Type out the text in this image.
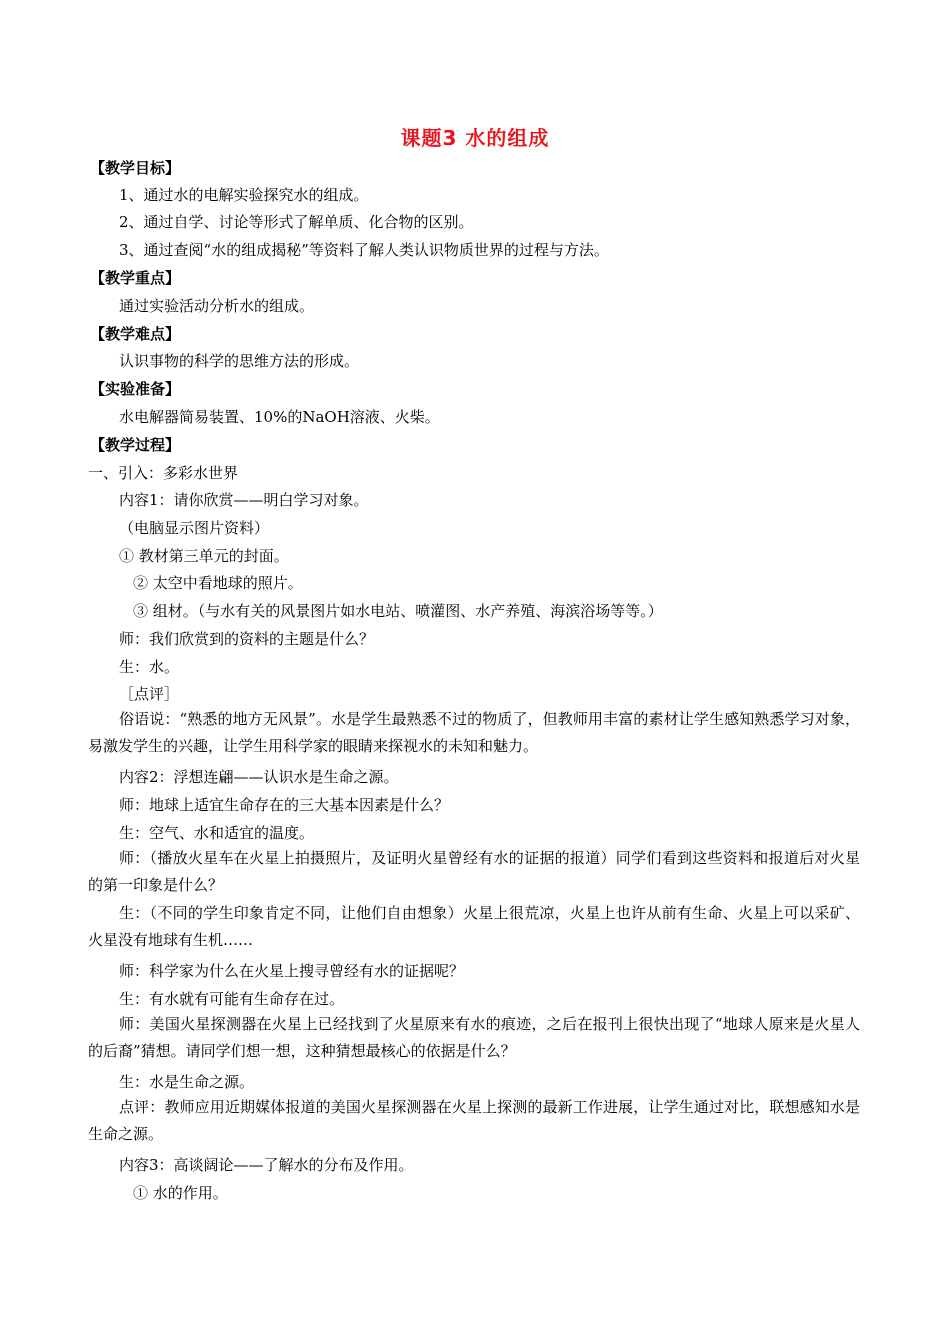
课题3 水的组成
【教学目标】
1、通过水的电解实验探究水的组成。
2、通过自学、讨论等形式了解单质、化合物的区别。
3、通过查阅“水的组成揭秘”等资料了解人类认识物质世界的过程与方法。
【教学重点】
通过实验活动分析水的组成。
【教学难点】
认识事物的科学的思维方法的形成。
【实验准备】
水电解器简易装置、10%的NaOH溶液、火柴。
【教学过程】
一、引入：多彩水世界
内容1：请你欣赏——明白学习对象。
（电脑显示图片资料）
① 教材第三单元的封面。
② 太空中看地球的照片。
③ 组材。（与水有关的风景图片如水电站、喷灌图、水产养殖、海滨浴场等等。）
师：我们欣赏到的资料的主题是什么？
生：水。
［点评］
俗语说：“熟悉的地方无风景”。水是学生最熟悉不过的物质了，但教师用丰富的素材让学生感知熟悉学习对象，易激发学生的兴趣，让学生用科学家的眼睛来探视水的未知和魅力。
内容2：浮想连翩——认识水是生命之源。
师：地球上适宜生命存在的三大基本因素是什么？
生：空气、水和适宜的温度。
师：（播放火星车在火星上拍摄照片，及证明火星曾经有水的证据的报道）同学们看到这些资料和报道后对火星的第一印象是什么？
生：（不同的学生印象肯定不同，让他们自由想象）火星上很荒凉，火星上也许从前有生命、火星上可以采矿、火星没有地球有生机……
师：科学家为什么在火星上搜寻曾经有水的证据呢？
生：有水就有可能有生命存在过。
师：美国火星探测器在火星上已经找到了火星原来有水的痕迹，之后在报刊上很快出现了“地球人原来是火星人的后裔”猜想。请同学们想一想，这种猜想最核心的依据是什么？
生：水是生命之源。
点评：教师应用近期媒体报道的美国火星探测器在火星上探测的最新工作进展，让学生通过对比，联想感知水是生命之源。
内容3：高谈阔论——了解水的分布及作用。
① 水的作用。
